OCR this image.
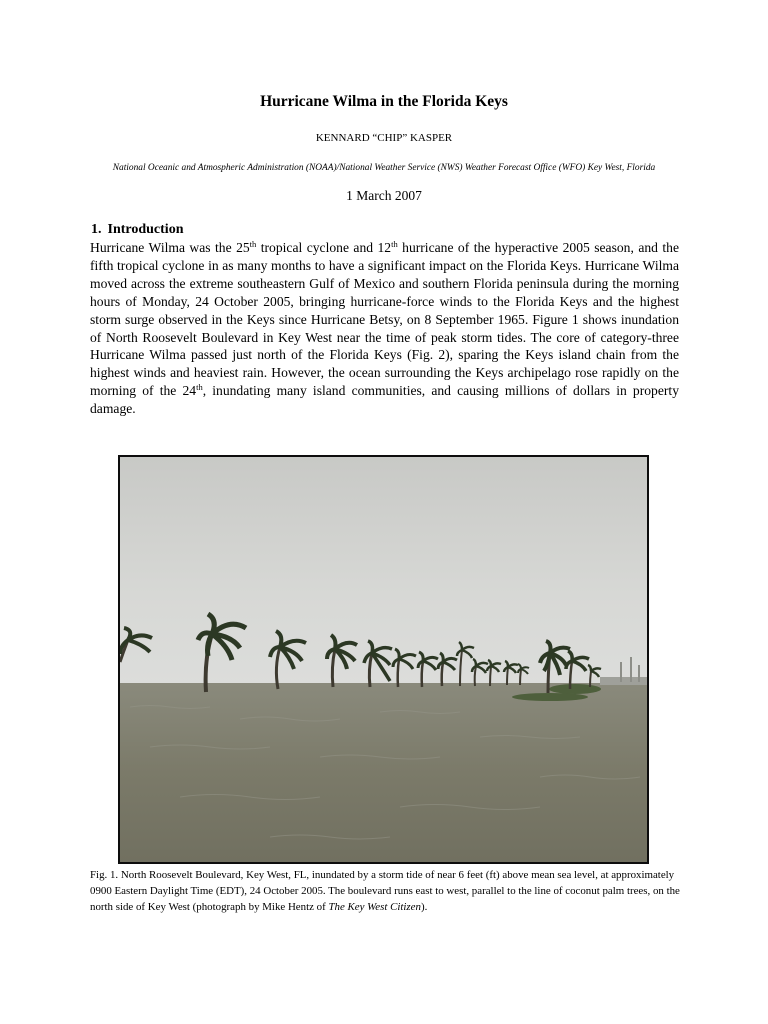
Hurricane Wilma in the Florida Keys
KENNARD “CHIP” KASPER
National Oceanic and Atmospheric Administration (NOAA)/National Weather Service (NWS) Weather Forecast Office (WFO) Key West, Florida
1 March 2007
1. Introduction

Hurricane Wilma was the 25th tropical cyclone and 12th hurricane of the hyperactive 2005 season, and the fifth tropical cyclone in as many months to have a significant impact on the Florida Keys. Hurricane Wilma moved across the extreme southeastern Gulf of Mexico and southern Florida peninsula during the morning hours of Monday, 24 October 2005, bringing hurricane-force winds to the Florida Keys and the highest storm surge observed in the Keys since Hurricane Betsy, on 8 September 1965. Figure 1 shows inundation of North Roosevelt Boulevard in Key West near the time of peak storm tides. The core of category-three Hurricane Wilma passed just north of the Florida Keys (Fig. 2), sparing the Keys island chain from the highest winds and heaviest rain. However, the ocean surrounding the Keys archipelago rose rapidly on the morning of the 24th, inundating many island communities, and causing millions of dollars in property damage.

Fig. 1. North Roosevelt Boulevard, Key West, FL, inundated by a storm tide of near 6 feet (ft) above mean sea level, at approximately 0900 Eastern Daylight Time (EDT), 24 October 2005. The boulevard runs east to west, parallel to the line of coconut palm trees, on the north side of Key West (photograph by Mike Hentz of The Key West Citizen).
